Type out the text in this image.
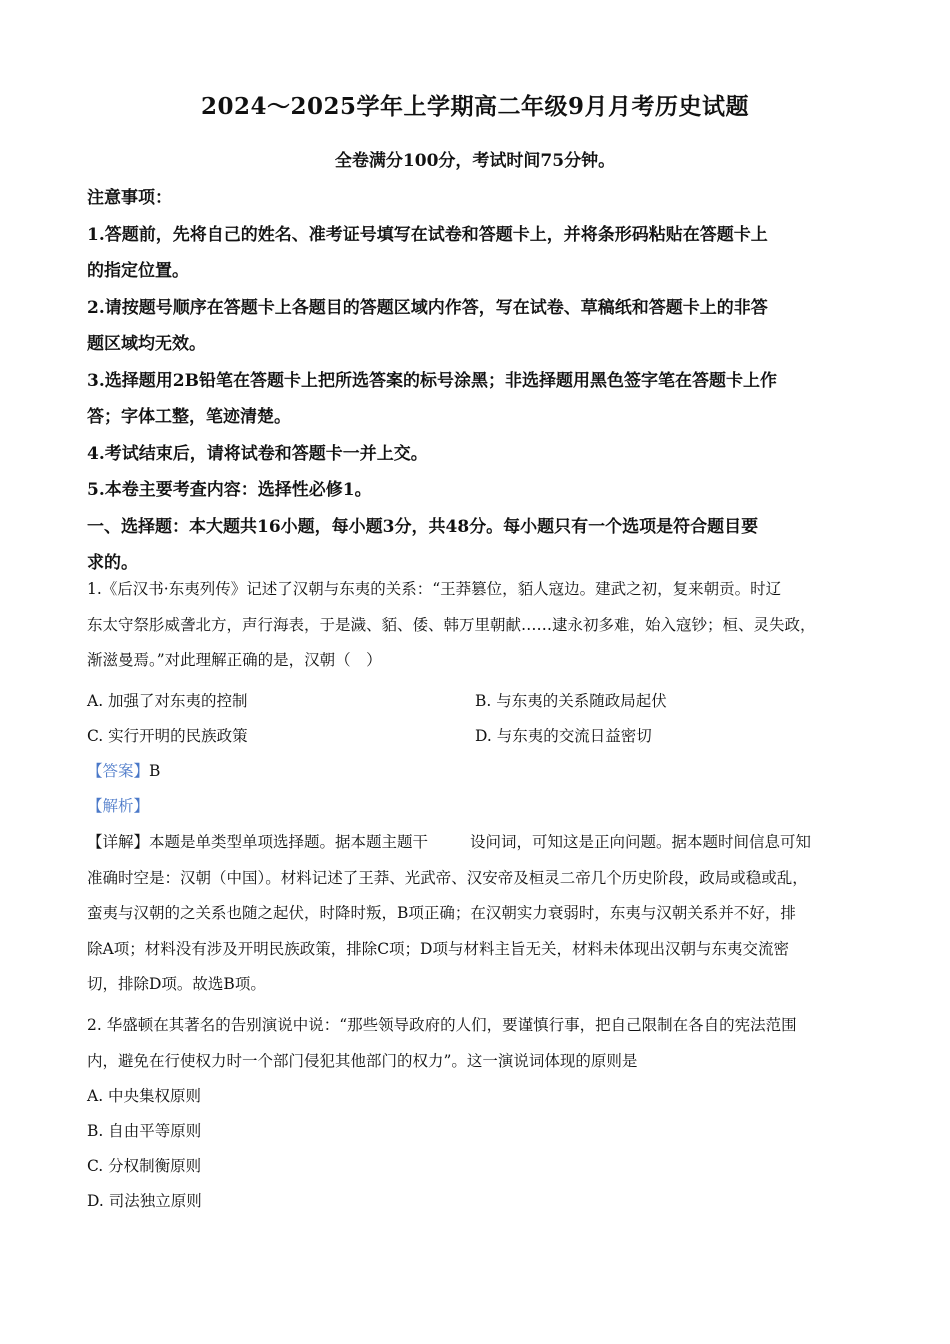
2024～2025学年上学期高二年级9月月考历史试题
全卷满分100分，考试时间75分钟。
注意事项：
1.答题前，先将自己的姓名、准考证号填写在试卷和答题卡上，并将条形码粘贴在答题卡上
的指定位置。
2.请按题号顺序在答题卡上各题目的答题区域内作答，写在试卷、草稿纸和答题卡上的非答
题区域均无效。
3.选择题用2B铅笔在答题卡上把所选答案的标号涂黑；非选择题用黑色签字笔在答题卡上作
答；字体工整，笔迹清楚。
4.考试结束后，请将试卷和答题卡一并上交。
5.本卷主要考查内容：选择性必修1。
一、选择题：本大题共16小题，每小题3分，共48分。每小题只有一个选项是符合题目要
求的。
1.《后汉书·东夷列传》记述了汉朝与东夷的关系：“王莽篡位，貊人寇边。建武之初，复来朝贡。时辽
东太守祭肜威詟北方，声行海表，于是濊、貊、倭、韩万里朝献……逮永初多难，始入寇钞；桓、灵失政，
渐滋曼焉。”对此理解正确的是，汉朝（　）
A. 加强了对东夷的控制	B. 与东夷的关系随政局起伏
C. 实行开明的民族政策	D. 与东夷的交流日益密切
【答案】B
【解析】
【详解】本题是单类型单项选择题。据本题主题干	设问词，可知这是正向问题。据本题时间信息可知
准确时空是：汉朝（中国）。材料记述了王莽、光武帝、汉安帝及桓灵二帝几个历史阶段，政局或稳或乱，
蛮夷与汉朝的之关系也随之起伏，时降时叛，B项正确；在汉朝实力衰弱时，东夷与汉朝关系并不好，排
除A项；材料没有涉及开明民族政策，排除C项；D项与材料主旨无关，材料未体现出汉朝与东夷交流密
切，排除D项。故选B项。
2. 华盛顿在其著名的告别演说中说：“那些领导政府的人们，要谨慎行事，把自己限制在各自的宪法范围
内，避免在行使权力时一个部门侵犯其他部门的权力”。这一演说词体现的原则是
A. 中央集权原则
B. 自由平等原则
C. 分权制衡原则
D. 司法独立原则
